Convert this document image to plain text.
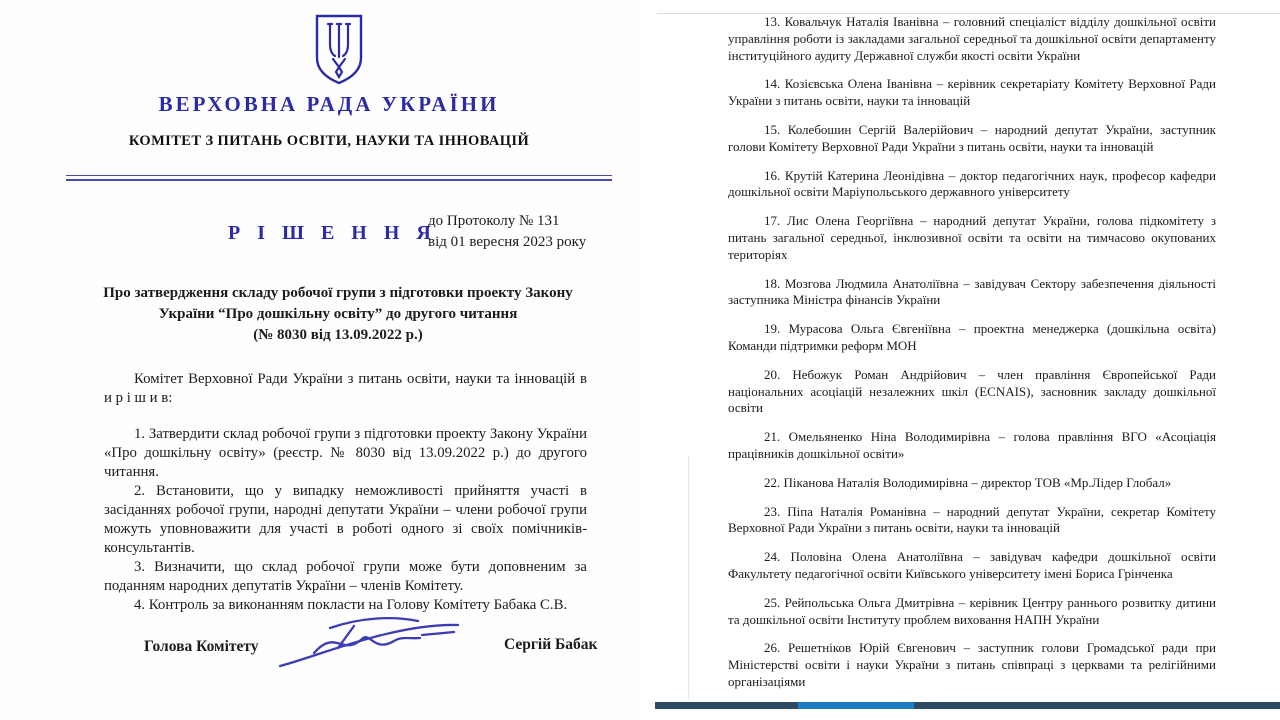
ВЕРХОВНА РАДА УКРАЇНИ
КОМІТЕТ З ПИТАНЬ ОСВІТИ, НАУКИ ТА ІННОВАЦІЙ
Р І Ш Е Н Н Я
до Протоколу № 131
від 01 вересня 2023 року
Про затвердження складу робочої групи з підготовки проекту Закону
України “Про дошкільну освіту” до другого читання
(№ 8030 від 13.09.2022 р.)

Комітет Верховної Ради України з питань освіти, науки та інновацій в и р і ш и в:

1. Затвердити склад робочої групи з підготовки проекту Закону України «Про дошкільну освіту» (реєстр. № 8030 від 13.09.2022 р.) до другого читання.

2. Встановити, що у випадку неможливості прийняття участі в засіданнях робочої групи, народні депутати України – члени робочої групи можуть уповноважити для участі в роботі одного зі своїх помічників-консультантів.

3. Визначити, що склад робочої групи може бути доповненим за поданням народних депутатів України – членів Комітету.

4. Контроль за виконанням покласти на Голову Комітету Бабака С.В.

Голова Комітету	Сергій Бабак

13. Ковальчук Наталія Іванівна – головний спеціаліст відділу дошкільної освіти управління роботи із закладами загальної середньої та дошкільної освіти департаменту інституційного аудиту Державної служби якості освіти України

14. Козієвська Олена Іванівна – керівник секретаріату Комітету Верховної Ради України з питань освіти, науки та інновацій

15. Колебошин Сергій Валерійович – народний депутат України, заступник голови Комітету Верховної Ради України з питань освіти, науки та інновацій

16. Крутій Катерина Леонідівна – доктор педагогічних наук, професор кафедри дошкільної освіти Маріупольського державного університету

17. Лис Олена Георгіївна – народний депутат України, голова підкомітету з питань загальної середньої, інклюзивної освіти та освіти на тимчасово окупованих територіях

18. Мозгова Людмила Анатоліївна – завідувач Сектору забезпечення діяльності заступника Міністра фінансів України

19. Мурасова Ольга Євгеніївна – проектна менеджерка (дошкільна освіта) Команди підтримки реформ МОН

20. Небожук Роман Андрійович – член правління Європейської Ради національних асоціацій незалежних шкіл (ECNAIS), засновник закладу дошкільної освіти

21. Омельяненко Ніна Володимирівна – голова правління ВГО «Асоціація працівників дошкільної освіти»

22. Піканова Наталія Володимирівна – директор ТОВ «Мр.Лідер Глобал»

23. Піпа Наталія Романівна – народний депутат України, секретар Комітету Верховної Ради України з питань освіти, науки та інновацій

24. Половіна Олена Анатоліївна – завідувач кафедри дошкільної освіти Факультету педагогічної освіти Київського університету імені Бориса Грінченка

25. Рейпольська Ольга Дмитрівна – керівник Центру раннього розвитку дитини та дошкільної освіти Інституту проблем виховання НАПН України

26. Решетніков Юрій Євгенович – заступник голови Громадської ради при Міністерстві освіти і науки України з питань співпраці з церквами та релігійними організаціями
